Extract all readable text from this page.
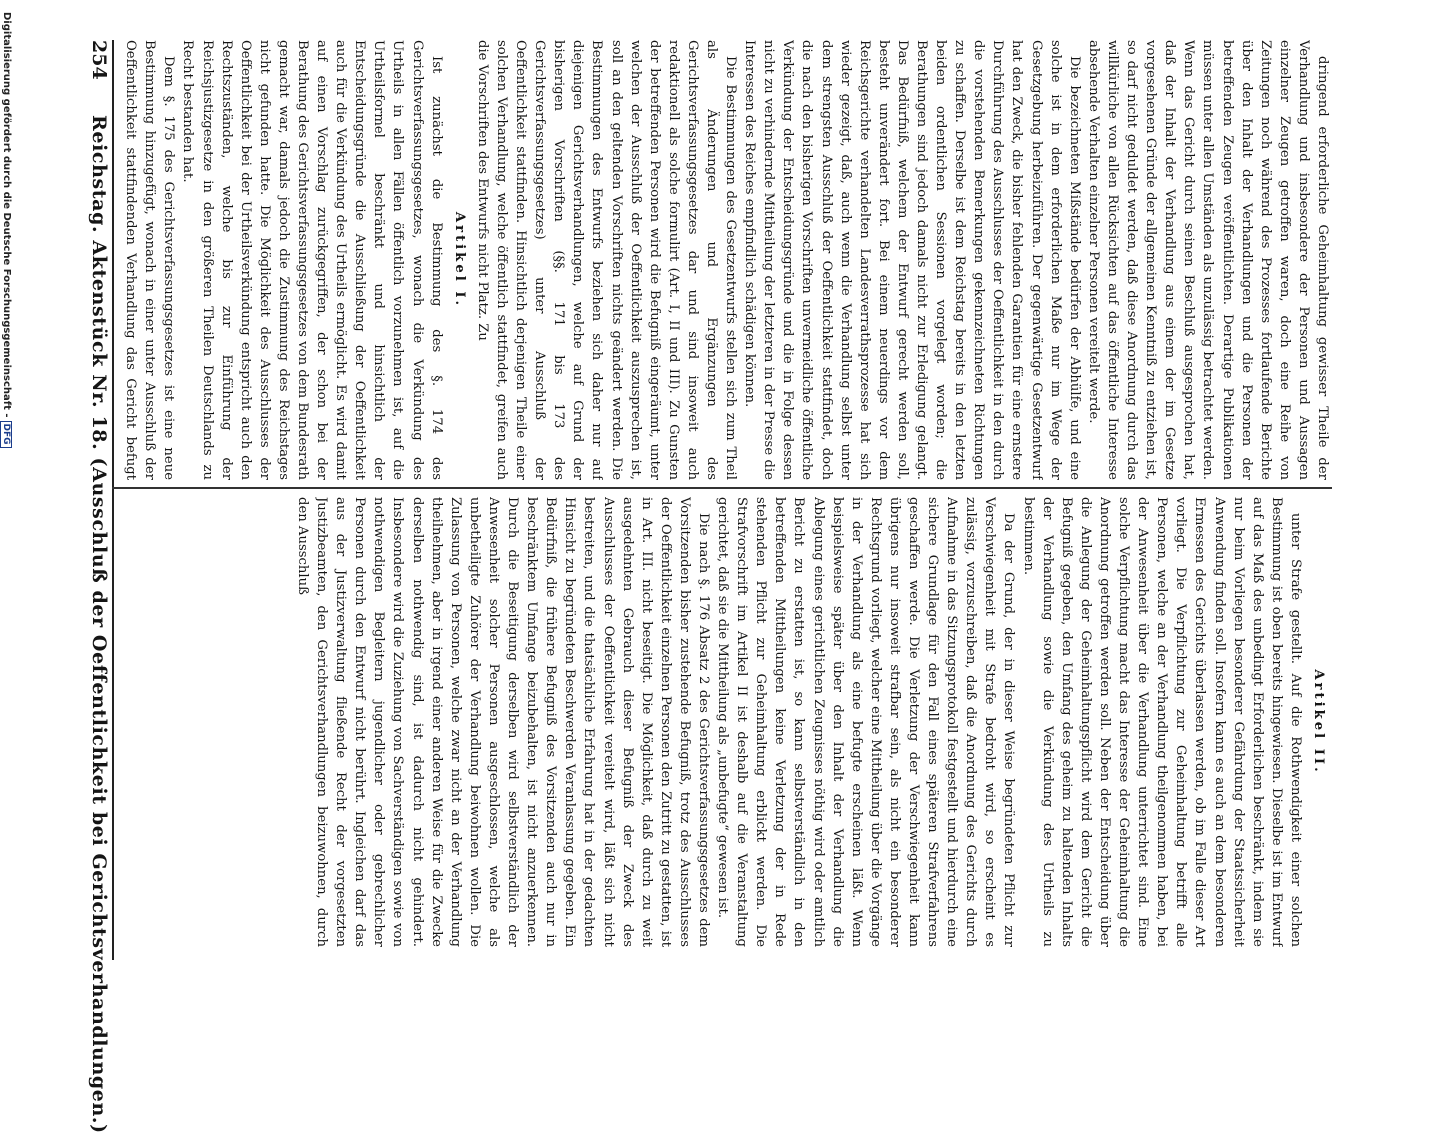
254
Reichstag. Aktenstück Nr. 18. (Ausschluß der Oeffentlichkeit bei Gerichtsverhandlungen.)	dringend erforderliche Geheimhaltung gewisser Theile der Verhandlung und insbesondere der Personen und Aussagen einzelner Zeugen getroffen waren, doch eine Reihe von Zeitungen noch während des Prozesses fortlaufende Berichte über den Inhalt der Verhandlungen und die Personen der betreffenden Zeugen veröffentlichten. Derartige Publikationen müssen unter allen Umständen als unzulässig betrachtet werden. Wenn das Gericht durch seinen Beschluß ausgesprochen hat, daß der Inhalt der Verhandlung aus einem der im Gesetze vorgesehenen Gründe der allgemeinen Kenntniß zu entziehen ist, so darf nicht geduldet werden, daß diese Anordnung durch das willkürliche von allen Rücksichten auf das öffentliche Interesse absehende Verhalten einzelner Personen vereitelt werde.

Die bezeichneten Mißstände bedürfen der Abhülfe, und eine solche ist in dem erforderlichen Maße nur im Wege der Gesetzgebung herbeizuführen. Der gegenwärtige Gesetzentwurf hat den Zweck, die bisher fehlenden Garantien für eine ernstere Durchführung des Ausschlusses der Oeffentlichkeit in den durch die vorstehenden Bemerkungen gekennzeichneten Richtungen zu schaffen. Derselbe ist dem Reichstag bereits in den letzten beiden ordentlichen Sessionen vorgelegt worden; die Berathungen sind jedoch damals nicht zur Erledigung gelangt. Das Bedürfniß, welchem der Entwurf gerecht werden soll, besteht unverändert fort. Bei einem neuerdings vor dem Reichsgerichte verhandelten Landesverrathsprozesse hat sich wieder gezeigt, daß, auch wenn die Verhandlung selbst unter dem strengsten Ausschluß der Oeffentlichkeit stattfindet, doch die nach den bisherigen Vorschriften unvermeidliche öffentliche Verkündung der Entscheidungsgründe und die in Folge dessen nicht zu verhindernde Mittheilung der letzteren in der Presse die Interessen des Reiches empfindlich schädigen können.

Die Bestimmungen des Gesetzentwurfs stellen sich zum Theil als Änderungen und Ergänzungen des Gerichtsverfassungsgesetzes dar und sind insoweit auch redaktionell als solche formulirt (Art. I, II und III). Zu Gunsten der betreffenden Personen wird die Befugniß eingeräumt, unter welchen der Ausschluß der Oeffentlichkeit auszusprechen ist, soll an den geltenden Vorschriften nichts geändert werden. Die Bestimmungen des Entwurfs beziehen sich daher nur auf diejenigen Gerichtsverhandlungen, welche auf Grund der bisherigen Vorschriften (§§. 171 bis 173 des Gerichtsverfassungsgesetzes) unter Ausschluß der Oeffentlichkeit stattfinden. Hinsichtlich derjenigen Theile einer solchen Verhandlung, welche öffentlich stattfindet, greifen auch die Vorschriften des Entwurfs nicht Platz. Zu

Artikel I.

Ist zunächst die Bestimmung des §. 174 des Gerichtsverfassungsgesetzes, wonach die Verkündung des Urtheils in allen Fällen öffentlich vorzunehmen ist, auf die Urtheilsformel beschränkt und hinsichtlich der Entscheidungsgründe die Ausschließung der Oeffentlichkeit auch für die Verkündung des Urtheils ermöglicht. Es wird damit auf einen Vorschlag zurückgegriffen, der schon bei der Berathung des Gerichtsverfassungsgesetzes von dem Bundesrath gemacht war, damals jedoch die Zustimmung des Reichstages nicht gefunden hatte. Die Möglichkeit des Ausschlusses der Oeffentlichkeit bei der Urtheilsverkündung entspricht auch den Rechtszuständen, welche bis zur Einführung der Reichsjustizgesetze in den größeren Theilen Deutschlands zu Recht bestanden hat.

Dem §. 175 des Gerichtsverfassungsgesetzes ist eine neue Bestimmung hinzugefügt, wonach in einer unter Ausschluß der Oeffentlichkeit stattfindenden Verhandlung das Gericht befugt

Artikel II.

unter Strafe gestellt. Auf die Rothwendigkeit einer solchen Bestimmung ist oben bereits hingewiesen. Dieselbe ist im Entwurf auf das Maß des unbedingt Erforderlichen beschränkt, indem sie nur beim Vorliegen besonderer Gefährdung der Staatssicherheit Anwendung finden soll. Insofern kann es auch an dem besonderen Ermessen des Gerichts überlassen werden, ob im Falle dieser Art vorliegt. Die Verpflichtung zur Geheimhaltung betrifft alle Personen, welche an der Verhandlung theilgenommen haben, bei der Anwesenheit über die Verhandlung unterrichtet sind. Eine solche Verpflichtung macht das Interesse der Geheimhaltung die Anordnung getroffen werden soll. Neben der Entscheidung über die Anlegung der Geheimhaltungspflicht wird dem Gericht die Befugniß gegeben, den Umfang des geheim zu haltenden Inhalts der Verhandlung sowie die Verkündung des Urtheils zu bestimmen.

Da der Grund, der in dieser Weise begründeten Pflicht zur Verschwiegenheit mit Strafe bedroht wird, so erscheint es zulässig, vorzuschreiben, daß die Anordnung des Gerichts durch Aufnahme in das Sitzungsprotokoll festgestellt und hierdurch eine sichere Grundlage für den Fall eines späteren Strafverfahrens geschaffen werde. Die Verletzung der Verschwiegenheit kann übrigens nur insoweit strafbar sein, als nicht ein besonderer Rechtsgrund vorliegt, welcher eine Mittheilung über die Vorgänge in der Verhandlung als eine befugte erscheinen läßt. Wenn beispielsweise später über den Inhalt der Verhandlung die Ablegung eines gerichtlichen Zeugnisses nöthig wird oder amtlich Bericht zu erstatten ist, so kann selbstverständlich in den betreffenden Mittheilungen keine Verletzung der in Rede stehenden Pflicht zur Geheimhaltung erblickt werden. Die Strafvorschrift im Artikel II ist deshalb auf die Veranstaltung gerichtet, daß sie die Mittheilung als „unbefugte“ gewesen ist.

Die nach §. 176 Absatz 2 des Gerichtsverfassungsgesetzes dem Vorsitzenden bisher zustehende Befugniß, trotz des Ausschlusses der Oeffentlichkeit einzelnen Personen den Zutritt zu gestatten, ist in Art. III. nicht beseitigt. Die Möglichkeit, daß durch zu weit ausgedehnten Gebrauch dieser Befugniß der Zweck des Ausschlusses der Oeffentlichkeit vereitelt wird, läßt sich nicht bestreiten, und die thatsächliche Erfahrung hat in der gedachten Hinsicht zu begründeten Beschwerden Veranlassung gegeben. Ein Bedürfniß, die frühere Befugniß des Vorsitzenden auch nur in beschränktem Umfange beizubehalten, ist nicht anzuerkennen. Durch die Beseitigung derselben wird selbstverständlich der Anwesenheit solcher Personen ausgeschlossen, welche als unbetheiligte Zuhörer der Verhandlung beiwohnen wollen. Die Zulassung von Personen, welche zwar nicht an der Verhandlung theilnehmen, aber in irgend einer anderen Weise für die Zwecke derselben nothwendig sind, ist dadurch nicht gehindert. Insbesondere wird die Zuziehung von Sachverständigen sowie von nothwendigen Begleitern jugendlicher oder gebrechlicher Personen durch den Entwurf nicht berührt. Ingleichen darf das aus der Justizverwaltung fließende Recht der vorgesetzten Justizbeamten, den Gerichtsverhandlungen beizuwohnen, durch den Ausschluß

Digitalisierung gefördert durch die Deutsche Forschungsgemeinschaft -DFG
